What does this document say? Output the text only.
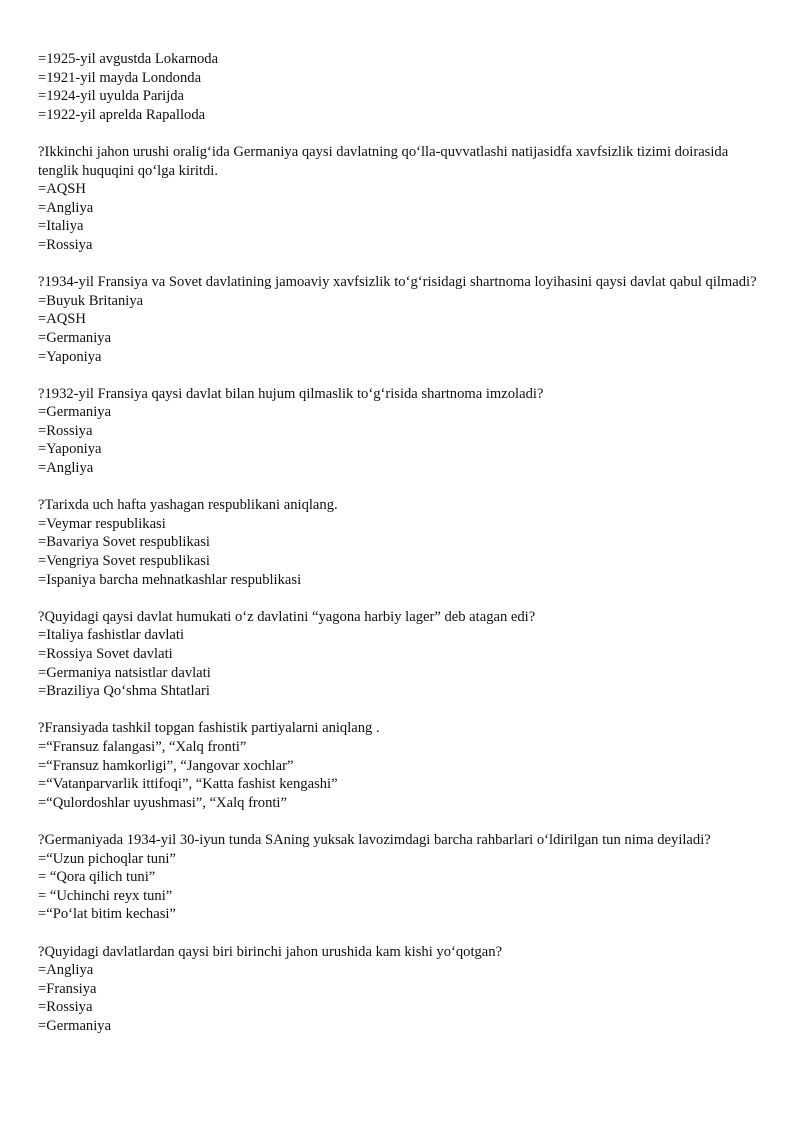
=1925-yil avgustda Lokarnoda

=1921-yil mayda Londonda

=1924-yil uyulda Parijda

=1922-yil aprelda Rapalloda

?Ikkinchi jahon urushi oralig‘ida Germaniya qaysi davlatning qo‘lla-quvvatlashi natijasidfa xavfsizlik tizimi doirasida tenglik huquqini qo‘lga kiritdi.

=AQSH

=Angliya

=Italiya

=Rossiya

?1934-yil Fransiya va Sovet davlatining jamoaviy xavfsizlik to‘g‘risidagi shartnoma loyihasini qaysi davlat qabul qilmadi?

=Buyuk Britaniya

=AQSH

=Germaniya

=Yaponiya

?1932-yil Fransiya qaysi davlat bilan hujum qilmaslik to‘g‘risida shartnoma imzoladi?

=Germaniya

=Rossiya

=Yaponiya

=Angliya

?Tarixda uch hafta yashagan respublikani aniqlang.

=Veymar respublikasi

=Bavariya Sovet respublikasi

=Vengriya Sovet respublikasi

=Ispaniya barcha mehnatkashlar respublikasi

?Quyidagi qaysi davlat humukati o‘z davlatini “yagona harbiy lager” deb atagan edi?

=Italiya fashistlar davlati

=Rossiya Sovet davlati

=Germaniya natsistlar davlati

=Braziliya Qo‘shma Shtatlari

?Fransiyada tashkil topgan fashistik partiyalarni aniqlang .

=“Fransuz falangasi”, “Xalq fronti”

=“Fransuz hamkorligi”, “Jangovar xochlar”

=“Vatanparvarlik ittifoqi”, “Katta fashist kengashi”

=“Qulordoshlar uyushmasi”, “Xalq fronti”

?Germaniyada 1934-yil 30-iyun tunda SAning yuksak lavozimdagi barcha rahbarlari o‘ldirilgan tun nima deyiladi?

=“Uzun pichoqlar tuni”

= “Qora qilich tuni”

= “Uchinchi reyx tuni”

=“Po‘lat bitim kechasi”

?Quyidagi davlatlardan qaysi biri birinchi jahon urushida kam kishi yo‘qotgan?

=Angliya

=Fransiya

=Rossiya

=Germaniya
